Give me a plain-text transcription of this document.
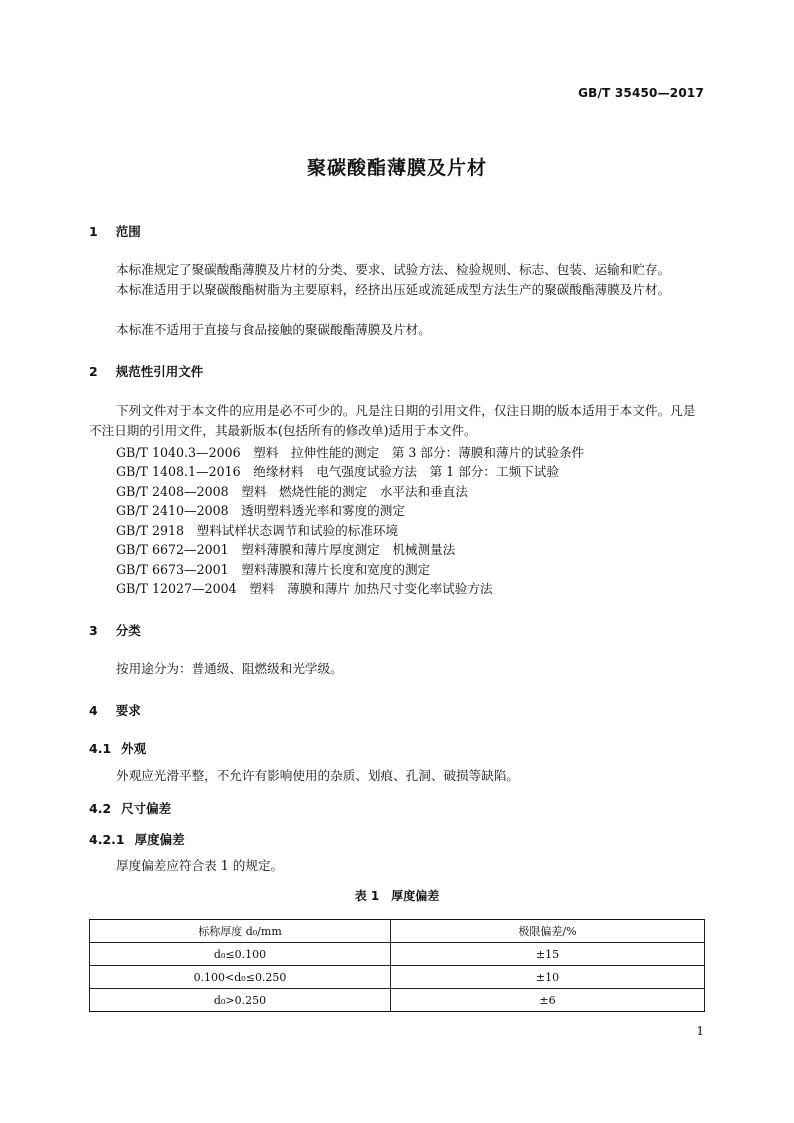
GB/T 35450—2017
聚碳酸酯薄膜及片材
1 范围
本标准规定了聚碳酸酯薄膜及片材的分类、要求、试验方法、检验规则、标志、包装、运输和贮存。
本标准适用于以聚碳酸酯树脂为主要原料，经挤出压延或流延成型方法生产的聚碳酸酯薄膜及片材。
本标准不适用于直接与食品接触的聚碳酸酯薄膜及片材。
2 规范性引用文件
下列文件对于本文件的应用是必不可少的。凡是注日期的引用文件，仅注日期的版本适用于本文件。凡是不注日期的引用文件，其最新版本(包括所有的修改单)适用于本文件。
GB/T 1040.3—2006　塑料　拉伸性能的测定　第 3 部分：薄膜和薄片的试验条件
GB/T 1408.1—2016　绝缘材料　电气强度试验方法　第 1 部分：工频下试验
GB/T 2408—2008　塑料　燃烧性能的测定　水平法和垂直法
GB/T 2410—2008　透明塑料透光率和雾度的测定
GB/T 2918　塑料试样状态调节和试验的标准环境
GB/T 6672—2001　塑料薄膜和薄片厚度测定　机械测量法
GB/T 6673—2001　塑料薄膜和薄片长度和宽度的测定
GB/T 12027—2004　塑料　薄膜和薄片 加热尺寸变化率试验方法
3 分类
按用途分为：普通级、阻燃级和光学级。
4 要求
4.1 外观
外观应光滑平整，不允许有影响使用的杂质、划痕、孔洞、破损等缺陷。
4.2 尺寸偏差
4.2.1 厚度偏差
厚度偏差应符合表 1 的规定。
表 1　厚度偏差
标称厚度 d₀/mm	极限偏差/%
d₀≤0.100	±15
0.100<d₀≤0.250	±10
d₀>0.250	±6
1
